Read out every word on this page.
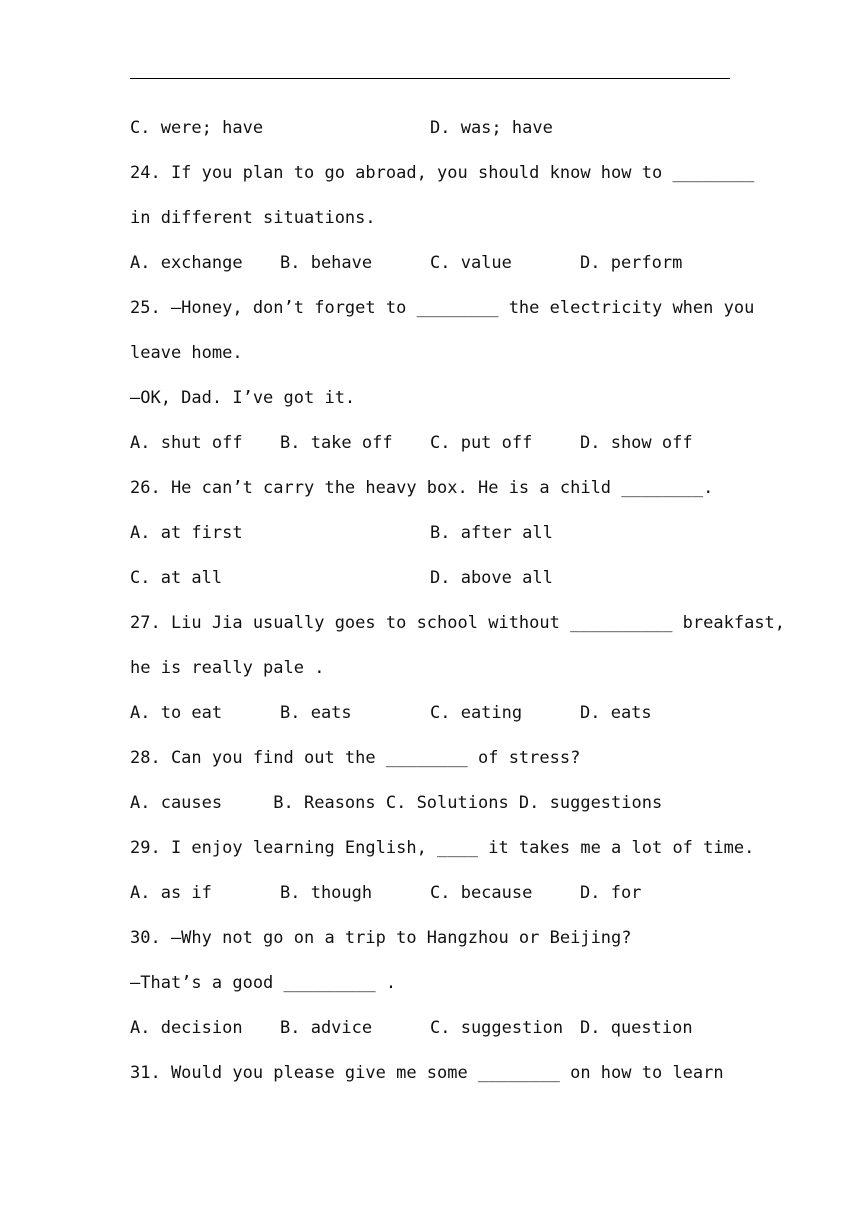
C. were; have	D. was; have
24. If you plan to go abroad, you should know how to ________
in different situations.
A. exchange B. behave	C. value	D. perform
25. —Honey, don’t forget to ________ the electricity when you
leave home.
—OK, Dad. I’ve got it.
A. shut off B. take off C. put off	D. show off
26. He can’t carry the heavy box. He is a child ________.
A. at first	B. after all
C. at all	D. above all
27. Liu Jia usually goes to school without __________ breakfast,
he is really pale .
A. to eat	B. eats	C. eating	D. eats
28. Can you find out the ________ of stress?
A. causes     B. Reasons C. Solutions D. suggestions
29. I enjoy learning English, ____ it takes me a lot of time.
A. as if	B. though	C. because	D. for
30. —Why not go on a trip to Hangzhou or Beijing?
—That’s a good _________ .
A. decision B. advice	C. suggestion D. question
31. Would you please give me some ________ on how to learn
